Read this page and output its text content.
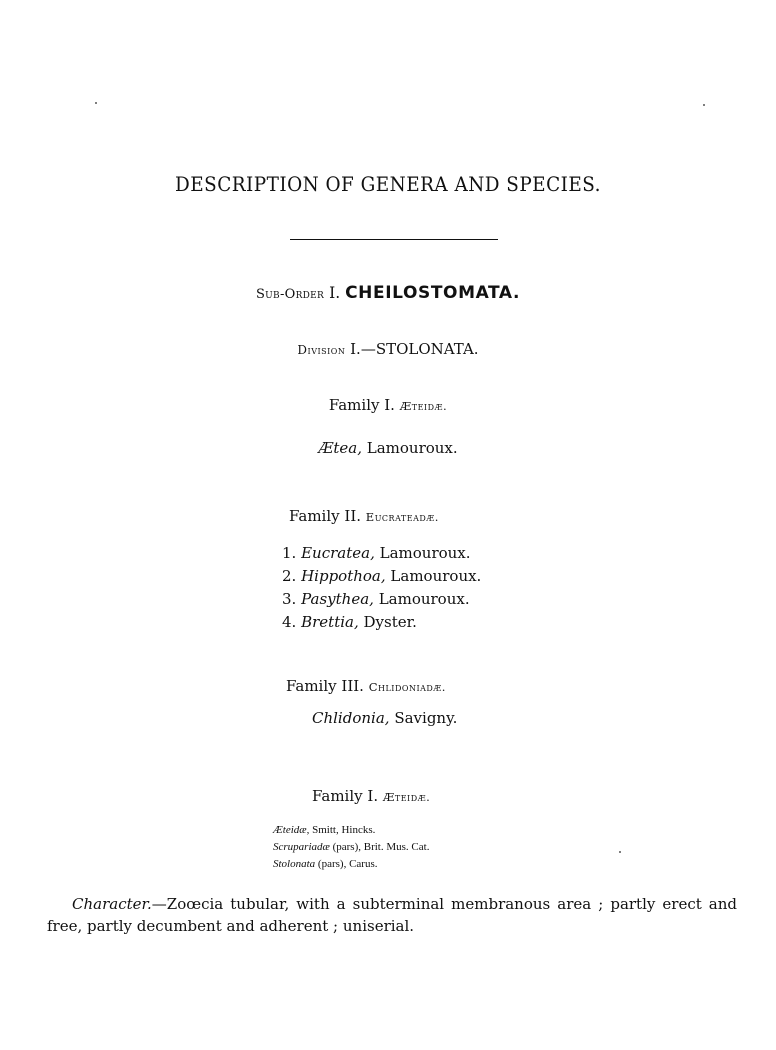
DESCRIPTION OF GENERA AND SPECIES.
Sub-Order I. CHEILOSTOMATA.
Division I.—STOLONATA.
Family I. Æteidæ.
Ætea, Lamouroux.
Family II. Eucrateadæ.
1. Eucratea, Lamouroux.
2. Hippothoa, Lamouroux.
3. Pasythea, Lamouroux.
4. Brettia, Dyster.
Family III. Chlidoniadæ.
Chlidonia, Savigny.
Family I. Æteidæ.
Æteidæ, Smitt, Hincks.
Scrupariadæ (pars), Brit. Mus. Cat.
Stolonata (pars), Carus.
Character.—Zoœcia tubular, with a subterminal membranous area ; partly erect and
free, partly decumbent and adherent ; uniserial.
